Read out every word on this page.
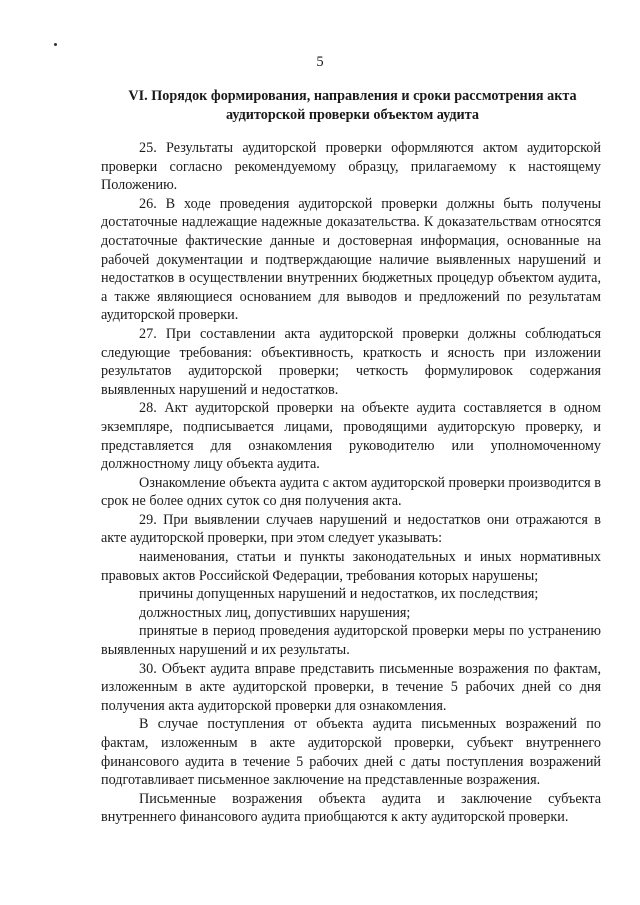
5
VI. Порядок формирования, направления и сроки рассмотрения акта
аудиторской проверки объектом аудита

25. Результаты аудиторской проверки оформляются актом аудиторской проверки согласно рекомендуемому образцу, прилагаемому к настоящему Положению.

26. В ходе проведения аудиторской проверки должны быть получены достаточные надлежащие надежные доказательства. К доказательствам относятся достаточные фактические данные и достоверная информация, основанные на рабочей документации и подтверждающие наличие выявленных нарушений и недостатков в осуществлении внутренних бюджетных процедур объектом аудита, а также являющиеся основанием для выводов и предложений по результатам аудиторской проверки.

27. При составлении акта аудиторской проверки должны соблюдаться следующие требования: объективность, краткость и ясность при изложении результатов аудиторской проверки; четкость формулировок содержания выявленных нарушений и недостатков.

28. Акт аудиторской проверки на объекте аудита составляется в одном экземпляре, подписывается лицами, проводящими аудиторскую проверку, и представляется для ознакомления руководителю или уполномоченному должностному лицу объекта аудита.

Ознакомление объекта аудита с актом аудиторской проверки производится в срок не более одних суток со дня получения акта.

29. При выявлении случаев нарушений и недостатков они отражаются в акте аудиторской проверки, при этом следует указывать:

наименования, статьи и пункты законодательных и иных нормативных правовых актов Российской Федерации, требования которых нарушены;

причины допущенных нарушений и недостатков, их последствия;

должностных лиц, допустивших нарушения;

принятые в период проведения аудиторской проверки меры по устранению выявленных нарушений и их результаты.

30. Объект аудита вправе представить письменные возражения по фактам, изложенным в акте аудиторской проверки, в течение 5 рабочих дней со дня получения акта аудиторской проверки для ознакомления.

В случае поступления от объекта аудита письменных возражений по фактам, изложенным в акте аудиторской проверки, субъект внутреннего финансового аудита в течение 5 рабочих дней с даты поступления возражений подготавливает письменное заключение на представленные возражения.

Письменные возражения объекта аудита и заключение субъекта внутреннего финансового аудита приобщаются к акту аудиторской проверки.
